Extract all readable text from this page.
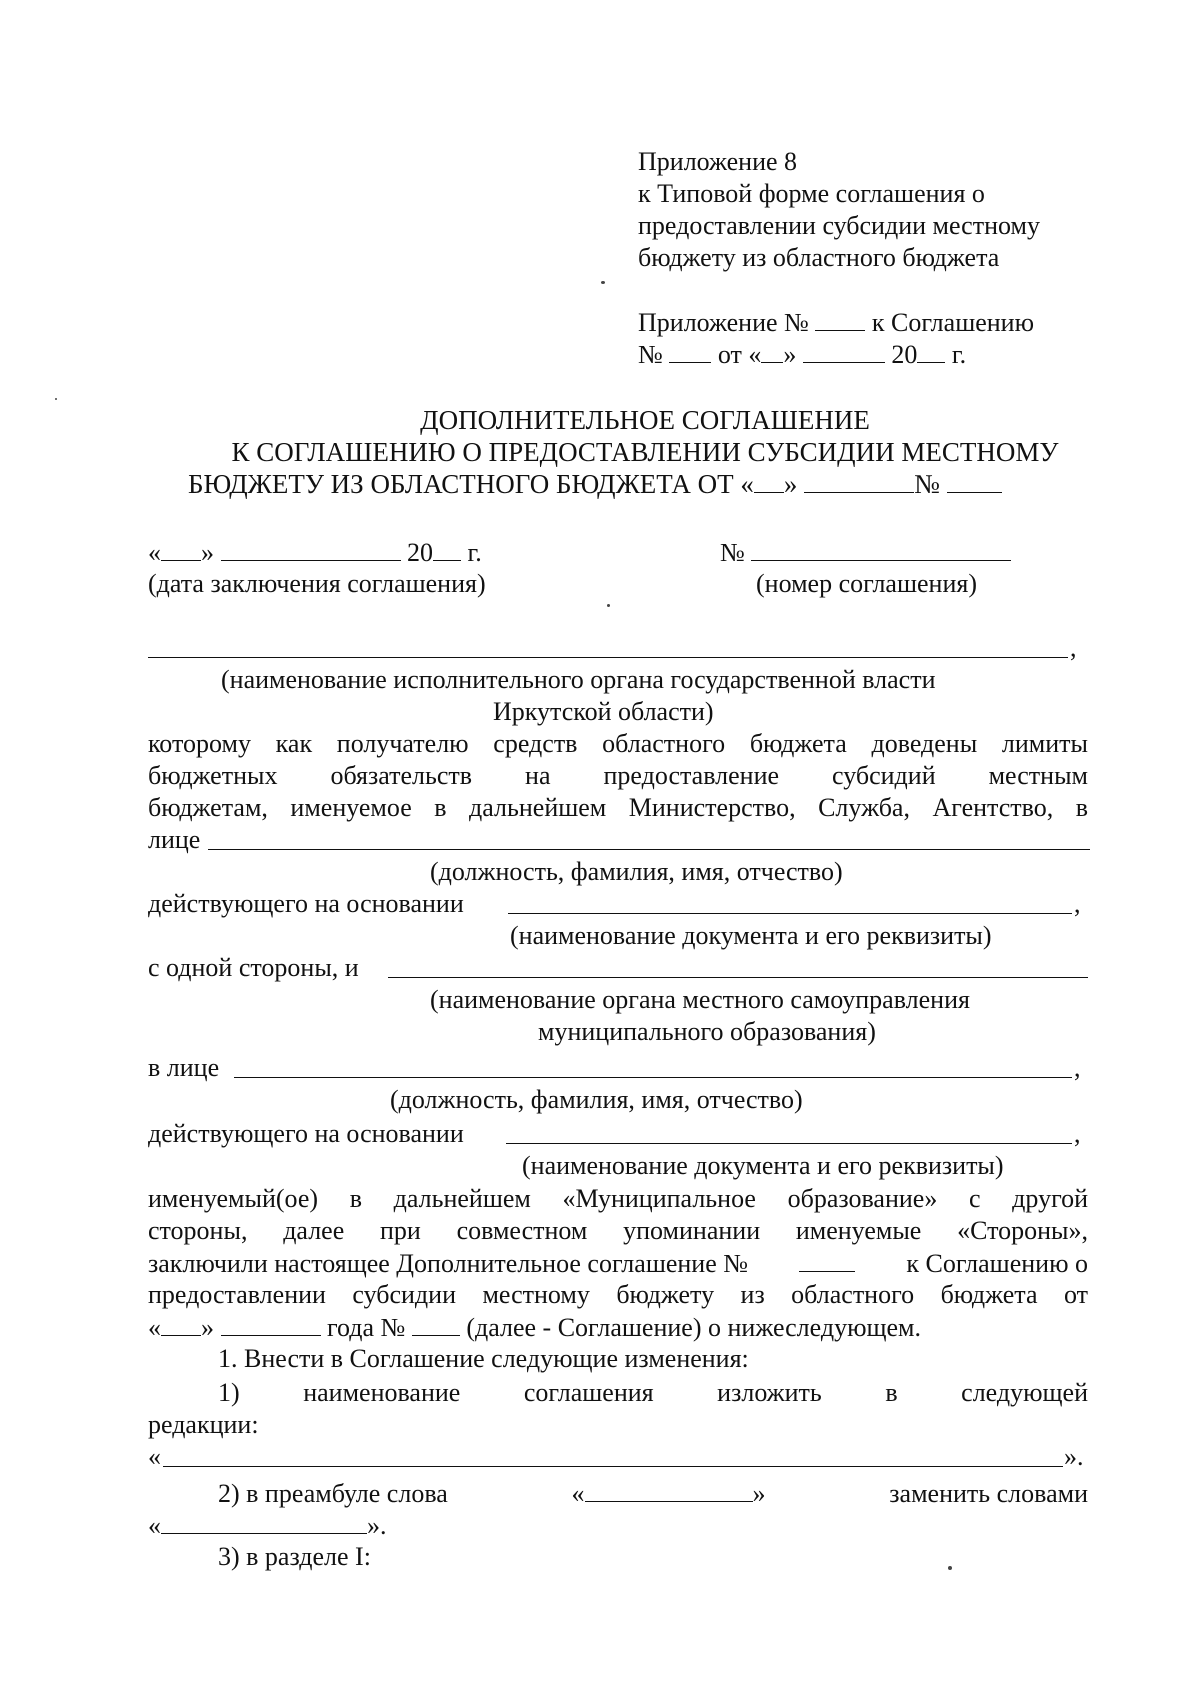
Приложение 8
к Типовой форме соглашения о
предоставлении субсидии местному
бюджету из областного бюджета
Приложение № к Соглашению
№ от « »	20 г.
ДОПОЛНИТЕЛЬНОЕ СОГЛАШЕНИЕ
К СОГЛАШЕНИЮ О ПРЕДОСТАВЛЕНИИ СУБСИДИИ МЕСТНОМУ
БЮДЖЕТУ ИЗ ОБЛАСТНОГО БЮДЖЕТА ОТ « »	№
« »	20 г.
(дата заключения соглашения)
№
(номер соглашения)
,
(наименование исполнительного органа государственной власти
Иркутской области)
которому как получателю средств областного бюджета доведены лимиты
бюджетных обязательств на предоставление субсидий местным
бюджетам, именуемое в дальнейшем Министерство, Служба, Агентство, в
лице
(должность, фамилия, имя, отчество)
действующего на основании	,
(наименование документа и его реквизиты)
с одной стороны, и
(наименование органа местного самоуправления
муниципального образования)
в лице	,
(должность, фамилия, имя, отчество)
действующего на основании	,
(наименование документа и его реквизиты)
именуемый(ое) в дальнейшем «Муниципальное образование» с другой
стороны, далее при совместном упоминании именуемые «Стороны»,
заключили настоящее Дополнительное соглашение №	к Соглашению о
предоставлении субсидии местному бюджету из областного бюджета от
« »	года № (далее - Соглашение) о нижеследующем.
1. Внести в Соглашение следующие изменения:
1) наименование соглашения изложить в следующей
редакции:
«	».
2) в преамбуле слова	«	»	заменить словами
«	».
3) в разделе I:
